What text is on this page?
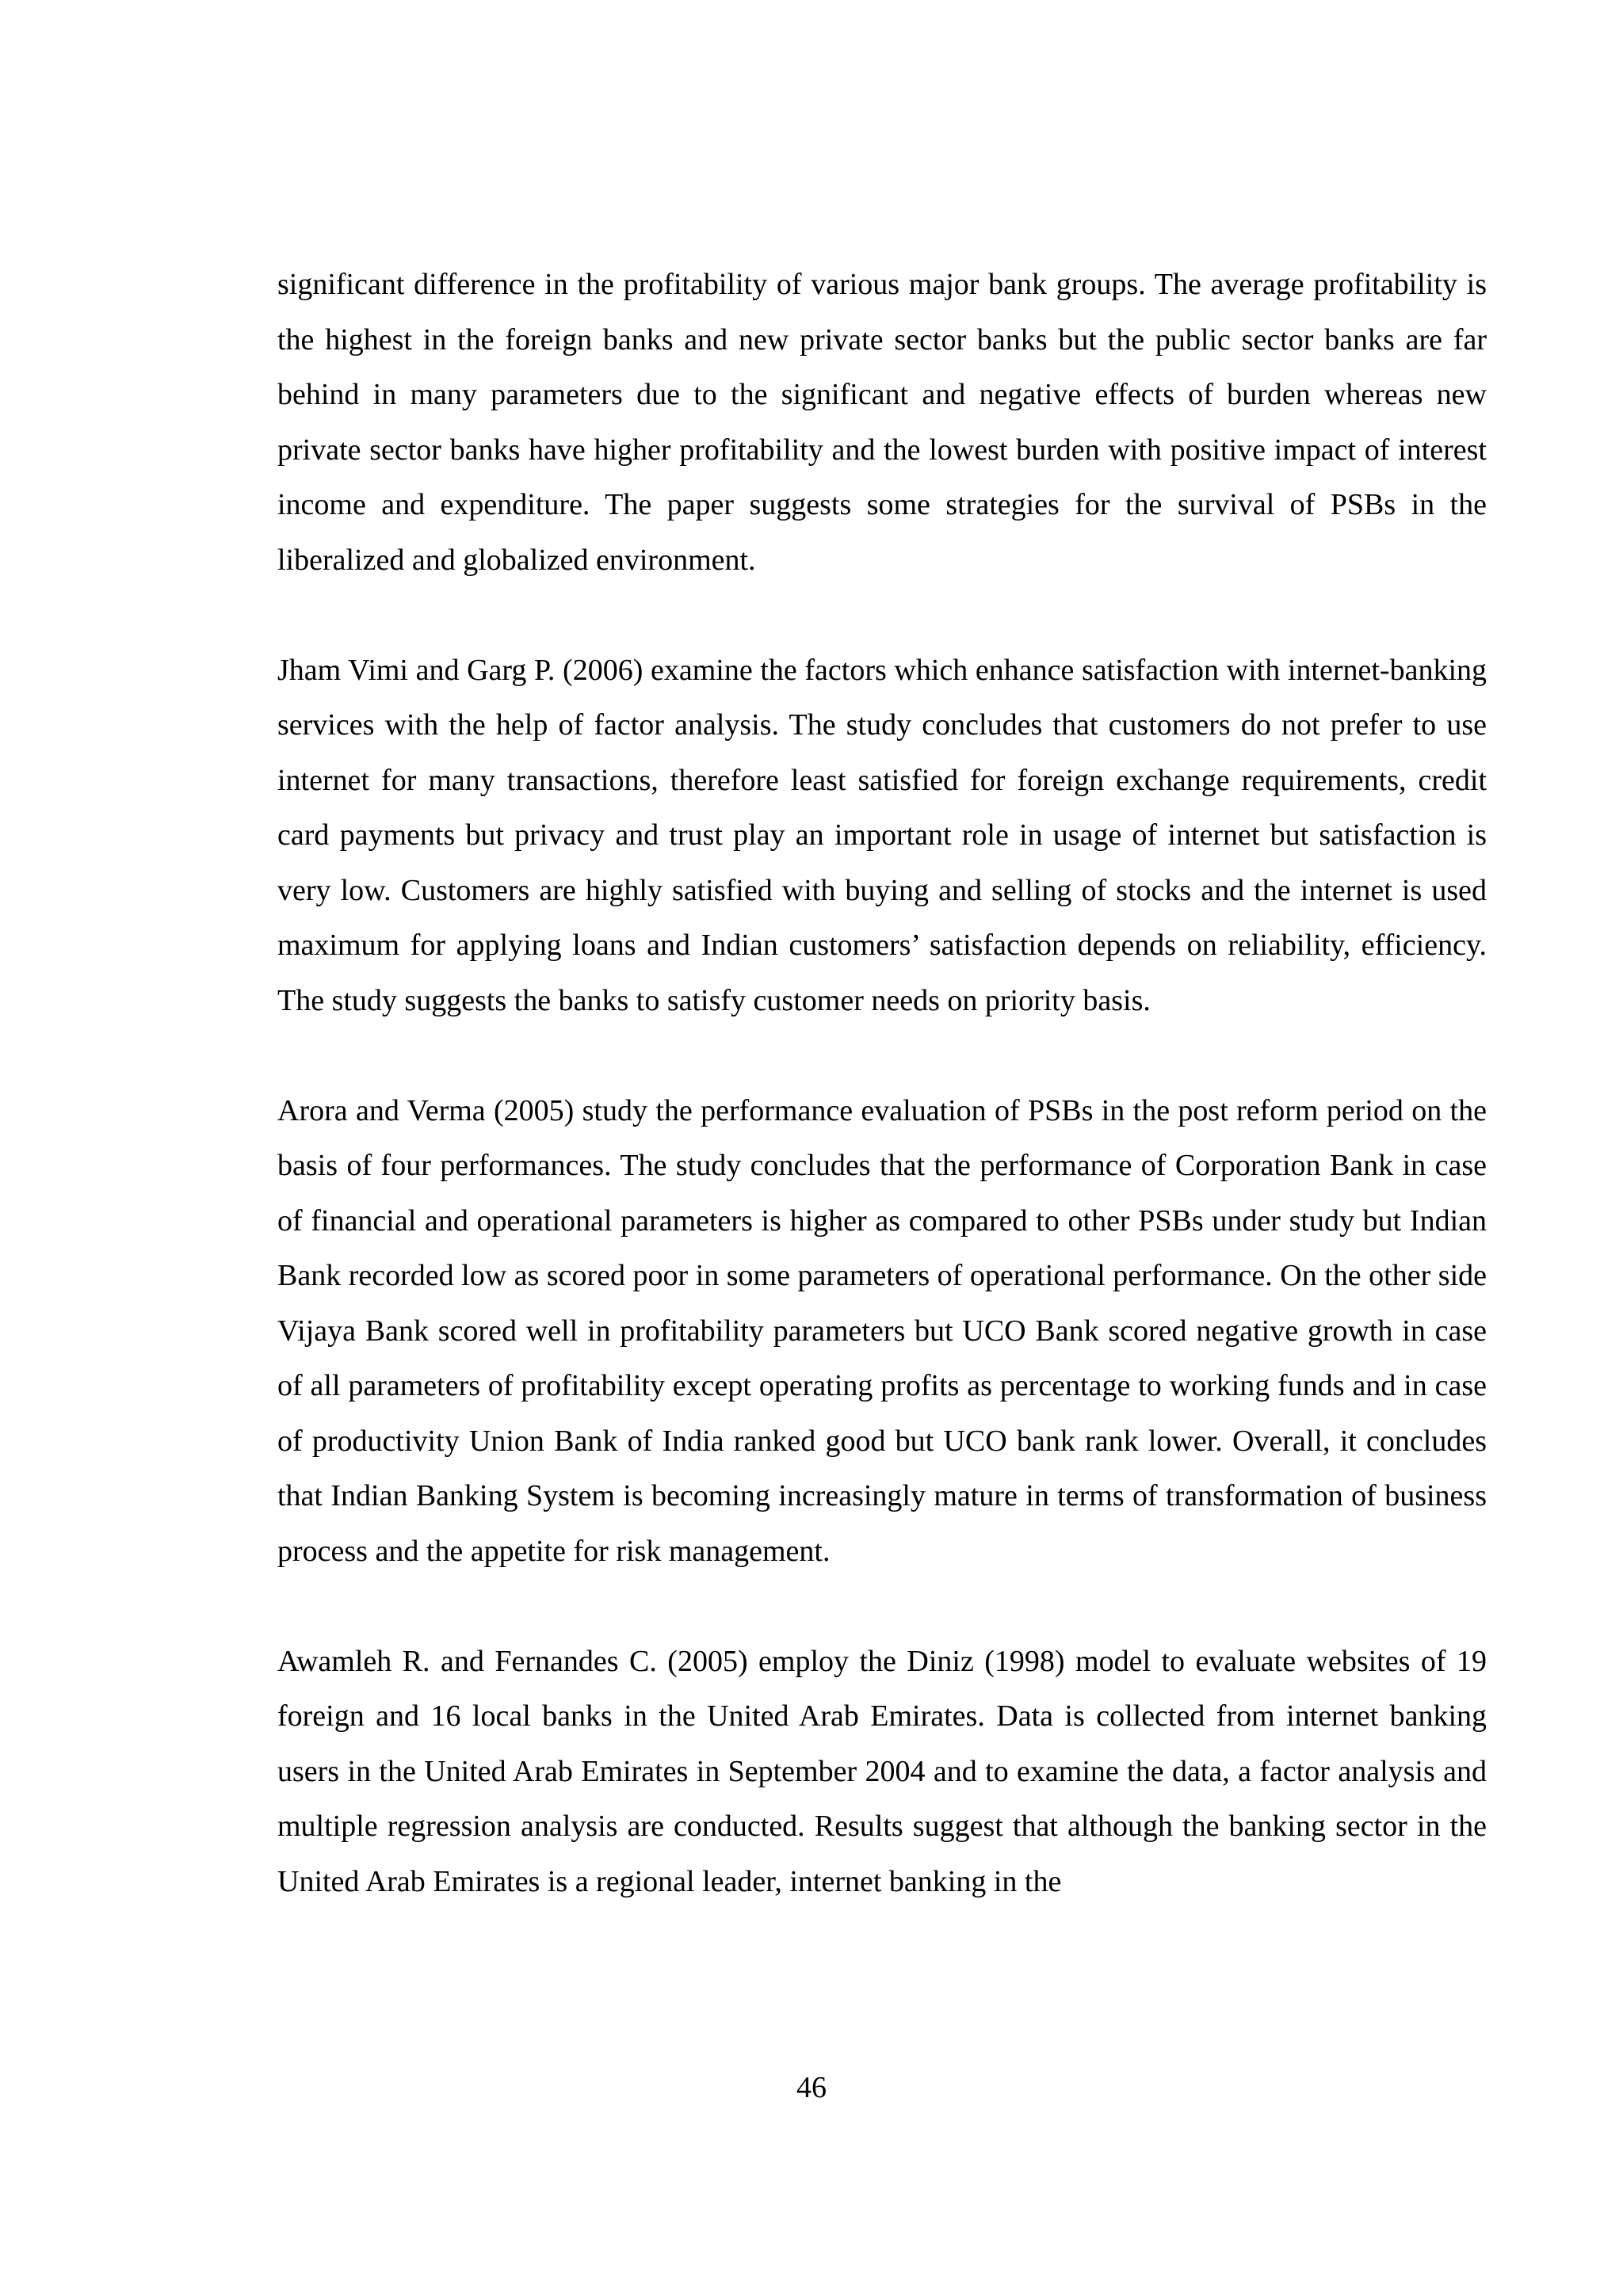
significant difference in the profitability of various major bank groups. The average profitability is the highest in the foreign banks and new private sector banks but the public sector banks are far behind in many parameters due to the significant and negative effects of burden whereas new private sector banks have higher profitability and the lowest burden with positive impact of interest income and expenditure. The paper suggests some strategies for the survival of PSBs in the liberalized and globalized environment.

Jham Vimi and Garg P. (2006) examine the factors which enhance satisfaction with internet-banking services with the help of factor analysis. The study concludes that customers do not prefer to use internet for many transactions, therefore least satisfied for foreign exchange requirements, credit card payments but privacy and trust play an important role in usage of internet but satisfaction is very low. Customers are highly satisfied with buying and selling of stocks and the internet is used maximum for applying loans and Indian customers’ satisfaction depends on reliability, efficiency. The study suggests the banks to satisfy customer needs on priority basis.

Arora and Verma (2005) study the performance evaluation of PSBs in the post reform period on the basis of four performances. The study concludes that the performance of Corporation Bank in case of financial and operational parameters is higher as compared to other PSBs under study but Indian Bank recorded low as scored poor in some parameters of operational performance. On the other side Vijaya Bank scored well in profitability parameters but UCO Bank scored negative growth in case of all parameters of profitability except operating profits as percentage to working funds and in case of productivity Union Bank of India ranked good but UCO bank rank lower. Overall, it concludes that Indian Banking System is becoming increasingly mature in terms of transformation of business process and the appetite for risk management.

Awamleh R. and Fernandes C. (2005) employ the Diniz (1998) model to evaluate websites of 19 foreign and 16 local banks in the United Arab Emirates. Data is collected from internet banking users in the United Arab Emirates in September 2004 and to examine the data, a factor analysis and multiple regression analysis are conducted. Results suggest that although the banking sector in the United Arab Emirates is a regional leader, internet banking in the

46
